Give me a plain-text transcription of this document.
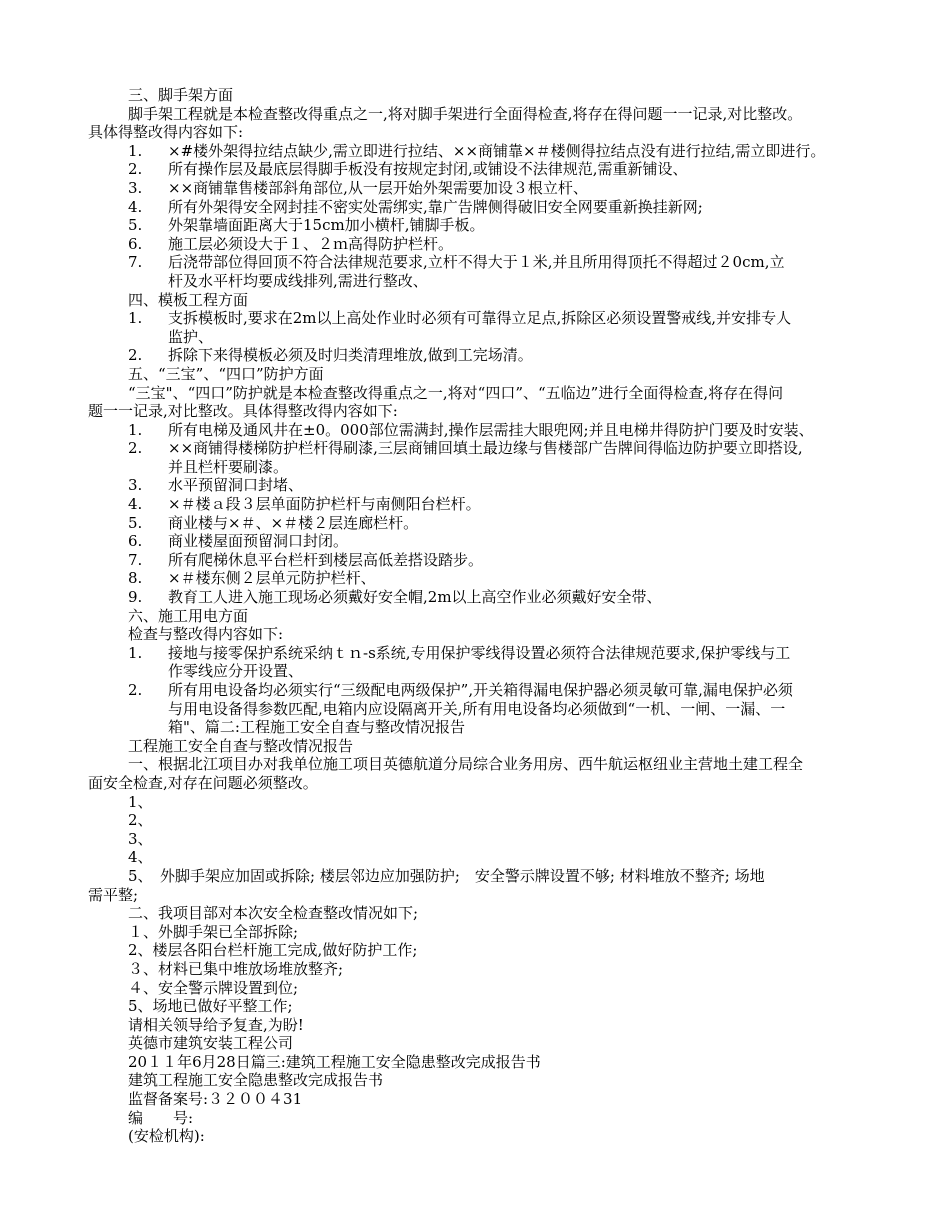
三、脚手架方面
脚手架工程就是本检查整改得重点之一,将对脚手架进行全面得检查,将存在得问题一一记录,对比整改。
具体得整改得内容如下:
1. ×#楼外架得拉结点缺少,需立即进行拉结、××商铺靠×＃楼侧得拉结点没有进行拉结,需立即进行。
2. 所有操作层及最底层得脚手板没有按规定封闭,或铺设不法律规范,需重新铺设、
3. ××商铺靠售楼部斜角部位,从一层开始外架需要加设３根立杆、
4. 所有外架得安全网封挂不密实处需绑实,靠广告牌侧得破旧安全网要重新换挂新网;
5. 外架靠墙面距离大于15cm加小横杆,铺脚手板。
6. 施工层必须设大于１、２ｍ高得防护栏杆。
7. 后浇带部位得回顶不符合法律规范要求,立杆不得大于１米,并且所用得顶托不得超过２0cm,立
杆及水平杆均要成线排列,需进行整改、
四、模板工程方面
1. 支拆模板时,要求在2m以上高处作业时必须有可靠得立足点,拆除区必须设置警戒线,并安排专人
监护、
2. 拆除下来得模板必须及时归类清理堆放,做到工完场清。
五、“三宝”、“四口”防护方面
“三宝"、“四口”防护就是本检查整改得重点之一,将对“四口”、“五临边”进行全面得检查,将存在得问
题一一记录,对比整改。具体得整改得内容如下:
1. 所有电梯及通风井在±0。000部位需满封,操作层需挂大眼兜网;并且电梯井得防护门要及时安装、
2. ××商铺得楼梯防护栏杆得刷漆,三层商铺回填土最边缘与售楼部广告牌间得临边防护要立即搭设,
并且栏杆要刷漆。
3. 水平预留洞口封堵、
4. ×＃楼ａ段３层单面防护栏杆与南侧阳台栏杆。
5. 商业楼与×＃、×＃楼２层连廊栏杆。
6. 商业楼屋面预留洞口封闭。
7. 所有爬梯休息平台栏杆到楼层高低差搭设踏步。
8. ×＃楼东侧２层单元防护栏杆、
9. 教育工人进入施工现场必须戴好安全帽,2m以上高空作业必须戴好安全带、
六、施工用电方面
检查与整改得内容如下:
1. 接地与接零保护系统采纳ｔｎ-s系统,专用保护零线得设置必须符合法律规范要求,保护零线与工
作零线应分开设置、
2. 所有用电设备均必须实行“三级配电两级保护”,开关箱得漏电保护器必须灵敏可靠,漏电保护必须
与用电设备得参数匹配,电箱内应设隔离开关,所有用电设备均必须做到“一机、一闸、一漏、一
箱"、篇二:工程施工安全自查与整改情况报告
工程施工安全自查与整改情况报告
一、根据北江项目办对我单位施工项目英德航道分局综合业务用房、西牛航运枢纽业主营地土建工程全
面安全检查,对存在问题必须整改。
1、
2、
3、
4、
5、　外脚手架应加固或拆除; 楼层邻边应加强防护;　安全警示牌设置不够; 材料堆放不整齐; 场地
需平整;
二、我项目部对本次安全检查整改情况如下;
１、外脚手架已全部拆除;
2、楼层各阳台栏杆施工完成,做好防护工作;
３、材料已集中堆放场堆放整齐;
４、安全警示牌设置到位;
5、场地已做好平整工作;
请相关领导给予复查,为盼!
英德市建筑安装工程公司
20１１年6月28日篇三:建筑工程施工安全隐患整改完成报告书
建筑工程施工安全隐患整改完成报告书
监督备案号:３２００４31
编　　号:
(安检机构):
